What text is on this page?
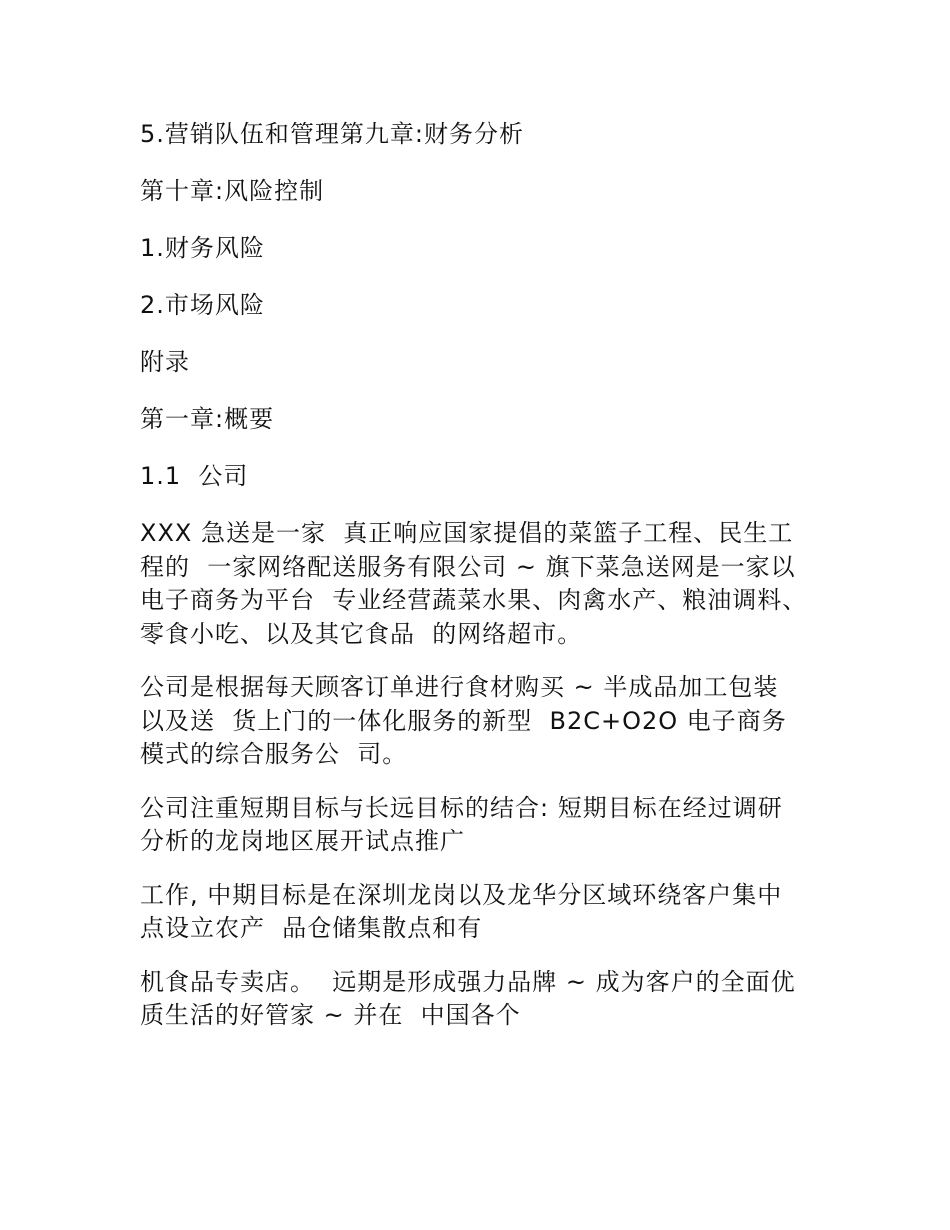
5.营销队伍和管理第九章:财务分析
第十章:风险控制
1.财务风险
2.市场风险
附录
第一章:概要
1.1  公司
XXX 急送是一家  真正响应国家提倡的菜篮子工程、民生工
程的  一家网络配送服务有限公司 ~ 旗下菜急送网是一家以
电子商务为平台  专业经营蔬菜水果、肉禽水产、粮油调料、
零食小吃、以及其它食品  的网络超市。
公司是根据每天顾客订单进行食材购买 ~ 半成品加工包装
以及送  货上门的一体化服务的新型  B2C+O2O 电子商务
模式的综合服务公  司。
公司注重短期目标与长远目标的结合: 短期目标在经过调研
分析的龙岗地区展开试点推广
工作, 中期目标是在深圳龙岗以及龙华分区域环绕客户集中
点设立农产  品仓储集散点和有
机食品专卖店。  远期是形成强力品牌 ~ 成为客户的全面优
质生活的好管家 ~ 并在  中国各个
